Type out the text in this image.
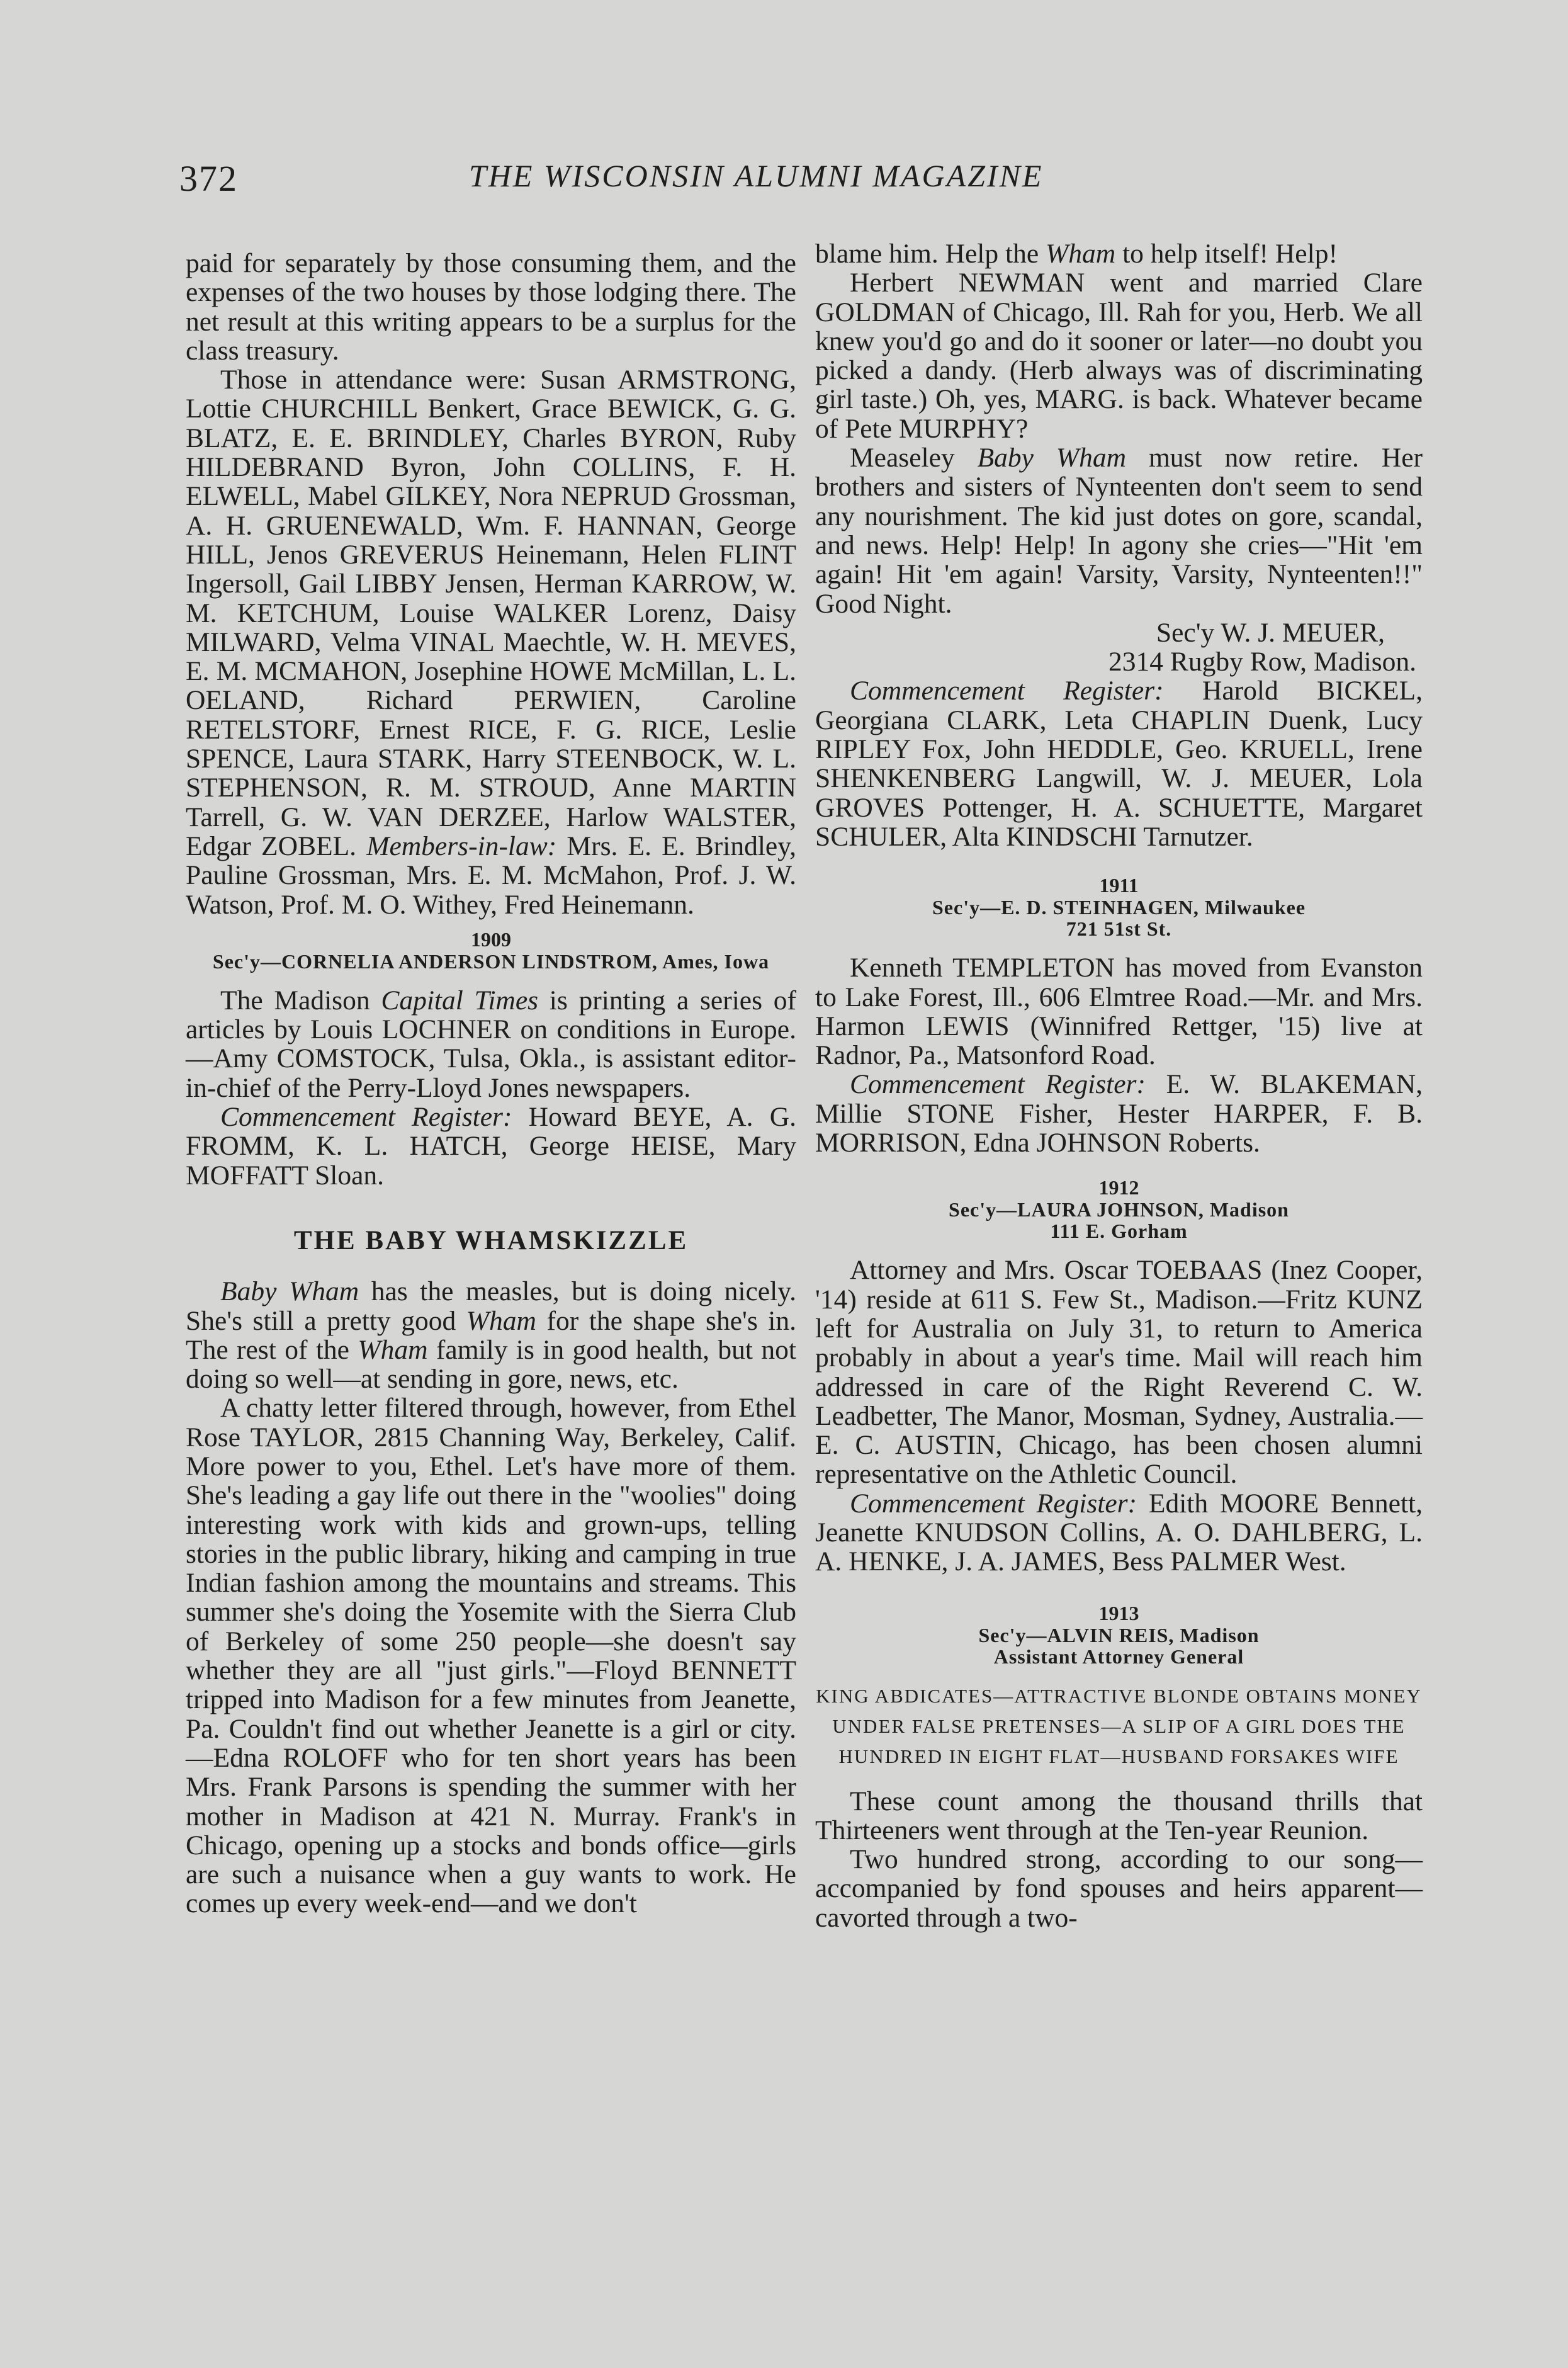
372	THE WISCONSIN ALUMNI MAGAZINE

paid for separately by those consuming them, and the expenses of the two houses by those lodging there. The net result at this writing appears to be a surplus for the class treasury.

Those in attendance were: Susan ARMSTRONG, Lottie CHURCHILL Benkert, Grace BEWICK, G. G. BLATZ, E. E. BRINDLEY, Charles BYRON, Ruby HILDEBRAND Byron, John COLLINS, F. H. ELWELL, Mabel GILKEY, Nora NEPRUD Grossman, A. H. GRUENEWALD, Wm. F. HANNAN, George HILL, Jenos GREVERUS Heinemann, Helen FLINT Ingersoll, Gail LIBBY Jensen, Herman KARROW, W. M. KETCHUM, Louise WALKER Lorenz, Daisy MILWARD, Velma VINAL Maechtle, W. H. MEVES, E. M. MCMAHON, Josephine HOWE McMillan, L. L. OELAND, Richard PERWIEN, Caroline RETELSTORF, Ernest RICE, F. G. RICE, Leslie SPENCE, Laura STARK, Harry STEENBOCK, W. L. STEPHENSON, R. M. STROUD, Anne MARTIN Tarrell, G. W. VAN DERZEE, Harlow WALSTER, Edgar ZOBEL. Members-in-law: Mrs. E. E. Brindley, Pauline Grossman, Mrs. E. M. McMahon, Prof. J. W. Watson, Prof. M. O. Withey, Fred Heinemann.

1909
Sec'y—CORNELIA ANDERSON LINDSTROM, Ames, Iowa

The Madison Capital Times is printing a series of articles by Louis LOCHNER on conditions in Europe.—Amy COMSTOCK, Tulsa, Okla., is assistant editor-in-chief of the Perry-Lloyd Jones newspapers.

Commencement Register: Howard BEYE, A. G. FROMM, K. L. HATCH, George HEISE, Mary MOFFATT Sloan.

THE BABY WHAMSKIZZLE

Baby Wham has the measles, but is doing nicely. She's still a pretty good Wham for the shape she's in. The rest of the Wham family is in good health, but not doing so well—at sending in gore, news, etc.

A chatty letter filtered through, however, from Ethel Rose TAYLOR, 2815 Channing Way, Berkeley, Calif. More power to you, Ethel. Let's have more of them. She's leading a gay life out there in the "woolies" doing interesting work with kids and grown-ups, telling stories in the public library, hiking and camping in true Indian fashion among the mountains and streams. This summer she's doing the Yosemite with the Sierra Club of Berkeley of some 250 people—she doesn't say whether they are all "just girls."—Floyd BENNETT tripped into Madison for a few minutes from Jeanette, Pa. Couldn't find out whether Jeanette is a girl or city.—Edna ROLOFF who for ten short years has been Mrs. Frank Parsons is spending the summer with her mother in Madison at 421 N. Murray. Frank's in Chicago, opening up a stocks and bonds office—girls are such a nuisance when a guy wants to work. He comes up every week-end—and we don't

blame him. Help the Wham to help itself! Help!

Herbert NEWMAN went and married Clare GOLDMAN of Chicago, Ill. Rah for you, Herb. We all knew you'd go and do it sooner or later—no doubt you picked a dandy. (Herb always was of discriminating girl taste.) Oh, yes, MARG. is back. Whatever became of Pete MURPHY?

Measeley Baby Wham must now retire. Her brothers and sisters of Nynteenten don't seem to send any nourishment. The kid just dotes on gore, scandal, and news. Help! Help! In agony she cries—"Hit 'em again! Hit 'em again! Varsity, Varsity, Nynteenten!!" Good Night.

Sec'y W. J. MEUER,

2314 Rugby Row, Madison.

Commencement Register: Harold BICKEL, Georgiana CLARK, Leta CHAPLIN Duenk, Lucy RIPLEY Fox, John HEDDLE, Geo. KRUELL, Irene SHENKENBERG Langwill, W. J. MEUER, Lola GROVES Pottenger, H. A. SCHUETTE, Margaret SCHULER, Alta KINDSCHI Tarnutzer.

1911
Sec'y—E. D. STEINHAGEN, Milwaukee
721 51st St.

Kenneth TEMPLETON has moved from Evanston to Lake Forest, Ill., 606 Elmtree Road.—Mr. and Mrs. Harmon LEWIS (Winnifred Rettger, '15) live at Radnor, Pa., Matsonford Road.

Commencement Register: E. W. BLAKEMAN, Millie STONE Fisher, Hester HARPER, F. B. MORRISON, Edna JOHNSON Roberts.

1912
Sec'y—LAURA JOHNSON, Madison
111 E. Gorham

Attorney and Mrs. Oscar TOEBAAS (Inez Cooper, '14) reside at 611 S. Few St., Madison.—Fritz KUNZ left for Australia on July 31, to return to America probably in about a year's time. Mail will reach him addressed in care of the Right Reverend C. W. Leadbetter, The Manor, Mosman, Sydney, Australia.—E. C. AUSTIN, Chicago, has been chosen alumni representative on the Athletic Council.

Commencement Register: Edith MOORE Bennett, Jeanette KNUDSON Collins, A. O. DAHLBERG, L. A. HENKE, J. A. JAMES, Bess PALMER West.

1913
Sec'y—ALVIN REIS, Madison
Assistant Attorney General
KING ABDICATES—ATTRACTIVE BLONDE OBTAINS MONEY UNDER FALSE PRETENSES—A SLIP OF A GIRL DOES THE HUNDRED IN EIGHT FLAT—HUSBAND FORSAKES WIFE

These count among the thousand thrills that Thirteeners went through at the Ten-year Reunion.

Two hundred strong, according to our song—accompanied by fond spouses and heirs apparent—cavorted through a two-
